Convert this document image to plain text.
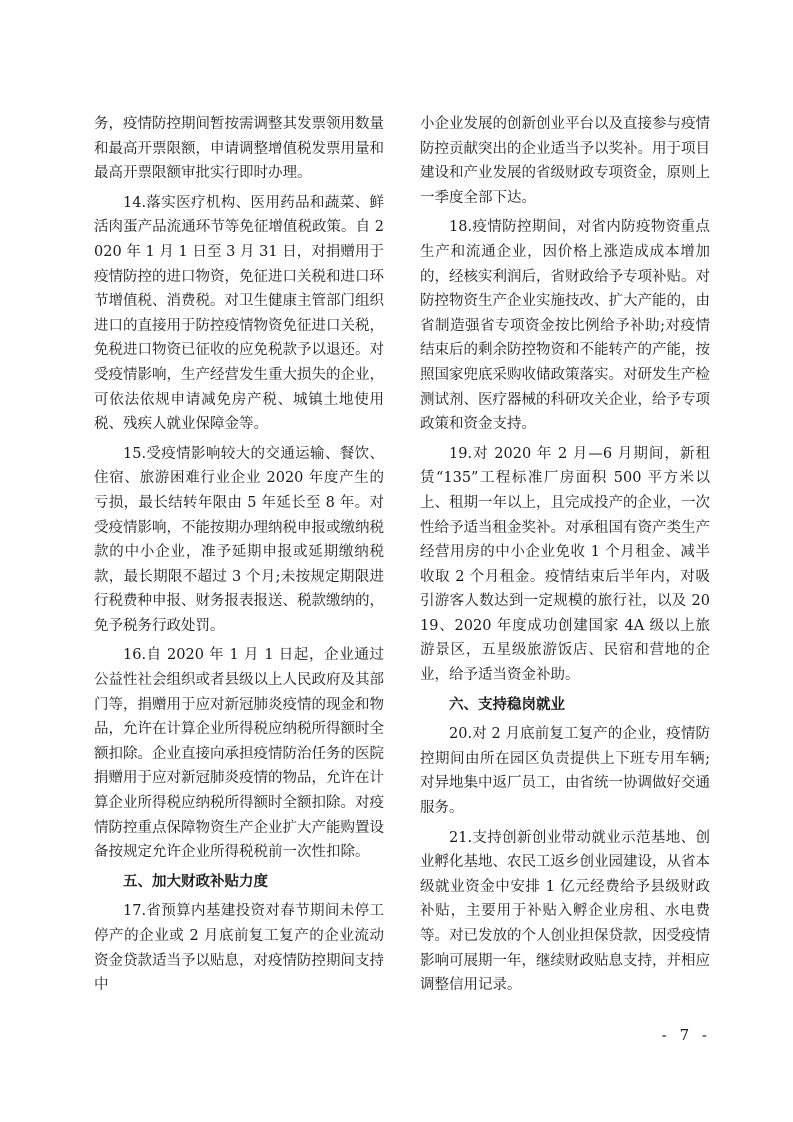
务，疫情防控期间暂按需调整其发票领用数量和最高开票限额，申请调整增值税发票用量和最高开票限额审批实行即时办理。

14.落实医疗机构、医用药品和蔬菜、鲜活肉蛋产品流通环节等免征增值税政策。自 2020 年 1 月 1 日至 3 月 31 日，对捐赠用于疫情防控的进口物资，免征进口关税和进口环节增值税、消费税。对卫生健康主管部门组织进口的直接用于防控疫情物资免征进口关税，免税进口物资已征收的应免税款予以退还。对受疫情影响，生产经营发生重大损失的企业，可依法依规申请减免房产税、城镇土地使用税、残疾人就业保障金等。

15.受疫情影响较大的交通运输、餐饮、住宿、旅游困难行业企业 2020 年度产生的亏损，最长结转年限由 5 年延长至 8 年。对受疫情影响，不能按期办理纳税申报或缴纳税款的中小企业，准予延期申报或延期缴纳税款，最长期限不超过 3 个月;未按规定期限进行税费种申报、财务报表报送、税款缴纳的，免予税务行政处罚。

16.自 2020 年 1 月 1 日起，企业通过公益性社会组织或者县级以上人民政府及其部门等，捐赠用于应对新冠肺炎疫情的现金和物品，允许在计算企业所得税应纳税所得额时全额扣除。企业直接向承担疫情防治任务的医院捐赠用于应对新冠肺炎疫情的物品，允许在计算企业所得税应纳税所得额时全额扣除。对疫情防控重点保障物资生产企业扩大产能购置设备按规定允许企业所得税税前一次性扣除。

五、加大财政补贴力度

17.省预算内基建投资对春节期间未停工停产的企业或 2 月底前复工复产的企业流动资金贷款适当予以贴息，对疫情防控期间支持中

小企业发展的创新创业平台以及直接参与疫情防控贡献突出的企业适当予以奖补。用于项目建设和产业发展的省级财政专项资金，原则上一季度全部下达。

18.疫情防控期间，对省内防疫物资重点生产和流通企业，因价格上涨造成成本增加的，经核实利润后，省财政给予专项补贴。对防控物资生产企业实施技改、扩大产能的，由省制造强省专项资金按比例给予补助;对疫情结束后的剩余防控物资和不能转产的产能，按照国家兜底采购收储政策落实。对研发生产检测试剂、医疗器械的科研攻关企业，给予专项政策和资金支持。

19.对 2020 年 2 月—6 月期间，新租赁“135”工程标准厂房面积 500 平方米以上、租期一年以上，且完成投产的企业，一次性给予适当租金奖补。对承租国有资产类生产经营用房的中小企业免收 1 个月租金、减半收取 2 个月租金。疫情结束后半年内，对吸引游客人数达到一定规模的旅行社，以及 2019、2020 年度成功创建国家 4A 级以上旅游景区，五星级旅游饭店、民宿和营地的企业，给予适当资金补助。

六、支持稳岗就业

20.对 2 月底前复工复产的企业，疫情防控期间由所在园区负责提供上下班专用车辆;对异地集中返厂员工，由省统一协调做好交通服务。

21.支持创新创业带动就业示范基地、创业孵化基地、农民工返乡创业园建设，从省本级就业资金中安排 1 亿元经费给予县级财政补贴，主要用于补贴入孵企业房租、水电费等。对已发放的个人创业担保贷款，因受疫情影响可展期一年，继续财政贴息支持，并相应调整信用记录。

- 7 -
